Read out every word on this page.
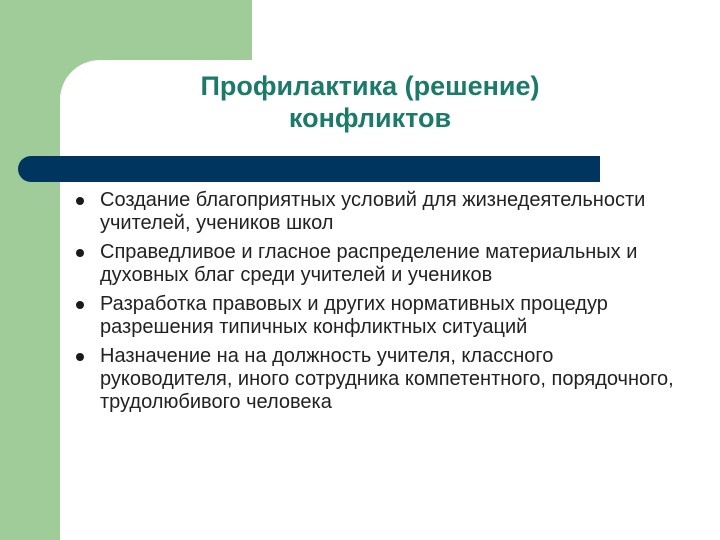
Профилактика (решение)
конфликтов
Создание благоприятных условий для жизнедеятельности учителей, учеников школ
Справедливое и гласное распределение материальных и духовных благ среди учителей и учеников
Разработка правовых и других нормативных процедур разрешения типичных конфликтных ситуаций
Назначение на на должность учителя, классного руководителя, иного сотрудника компетентного, порядочного, трудолюбивого человека
